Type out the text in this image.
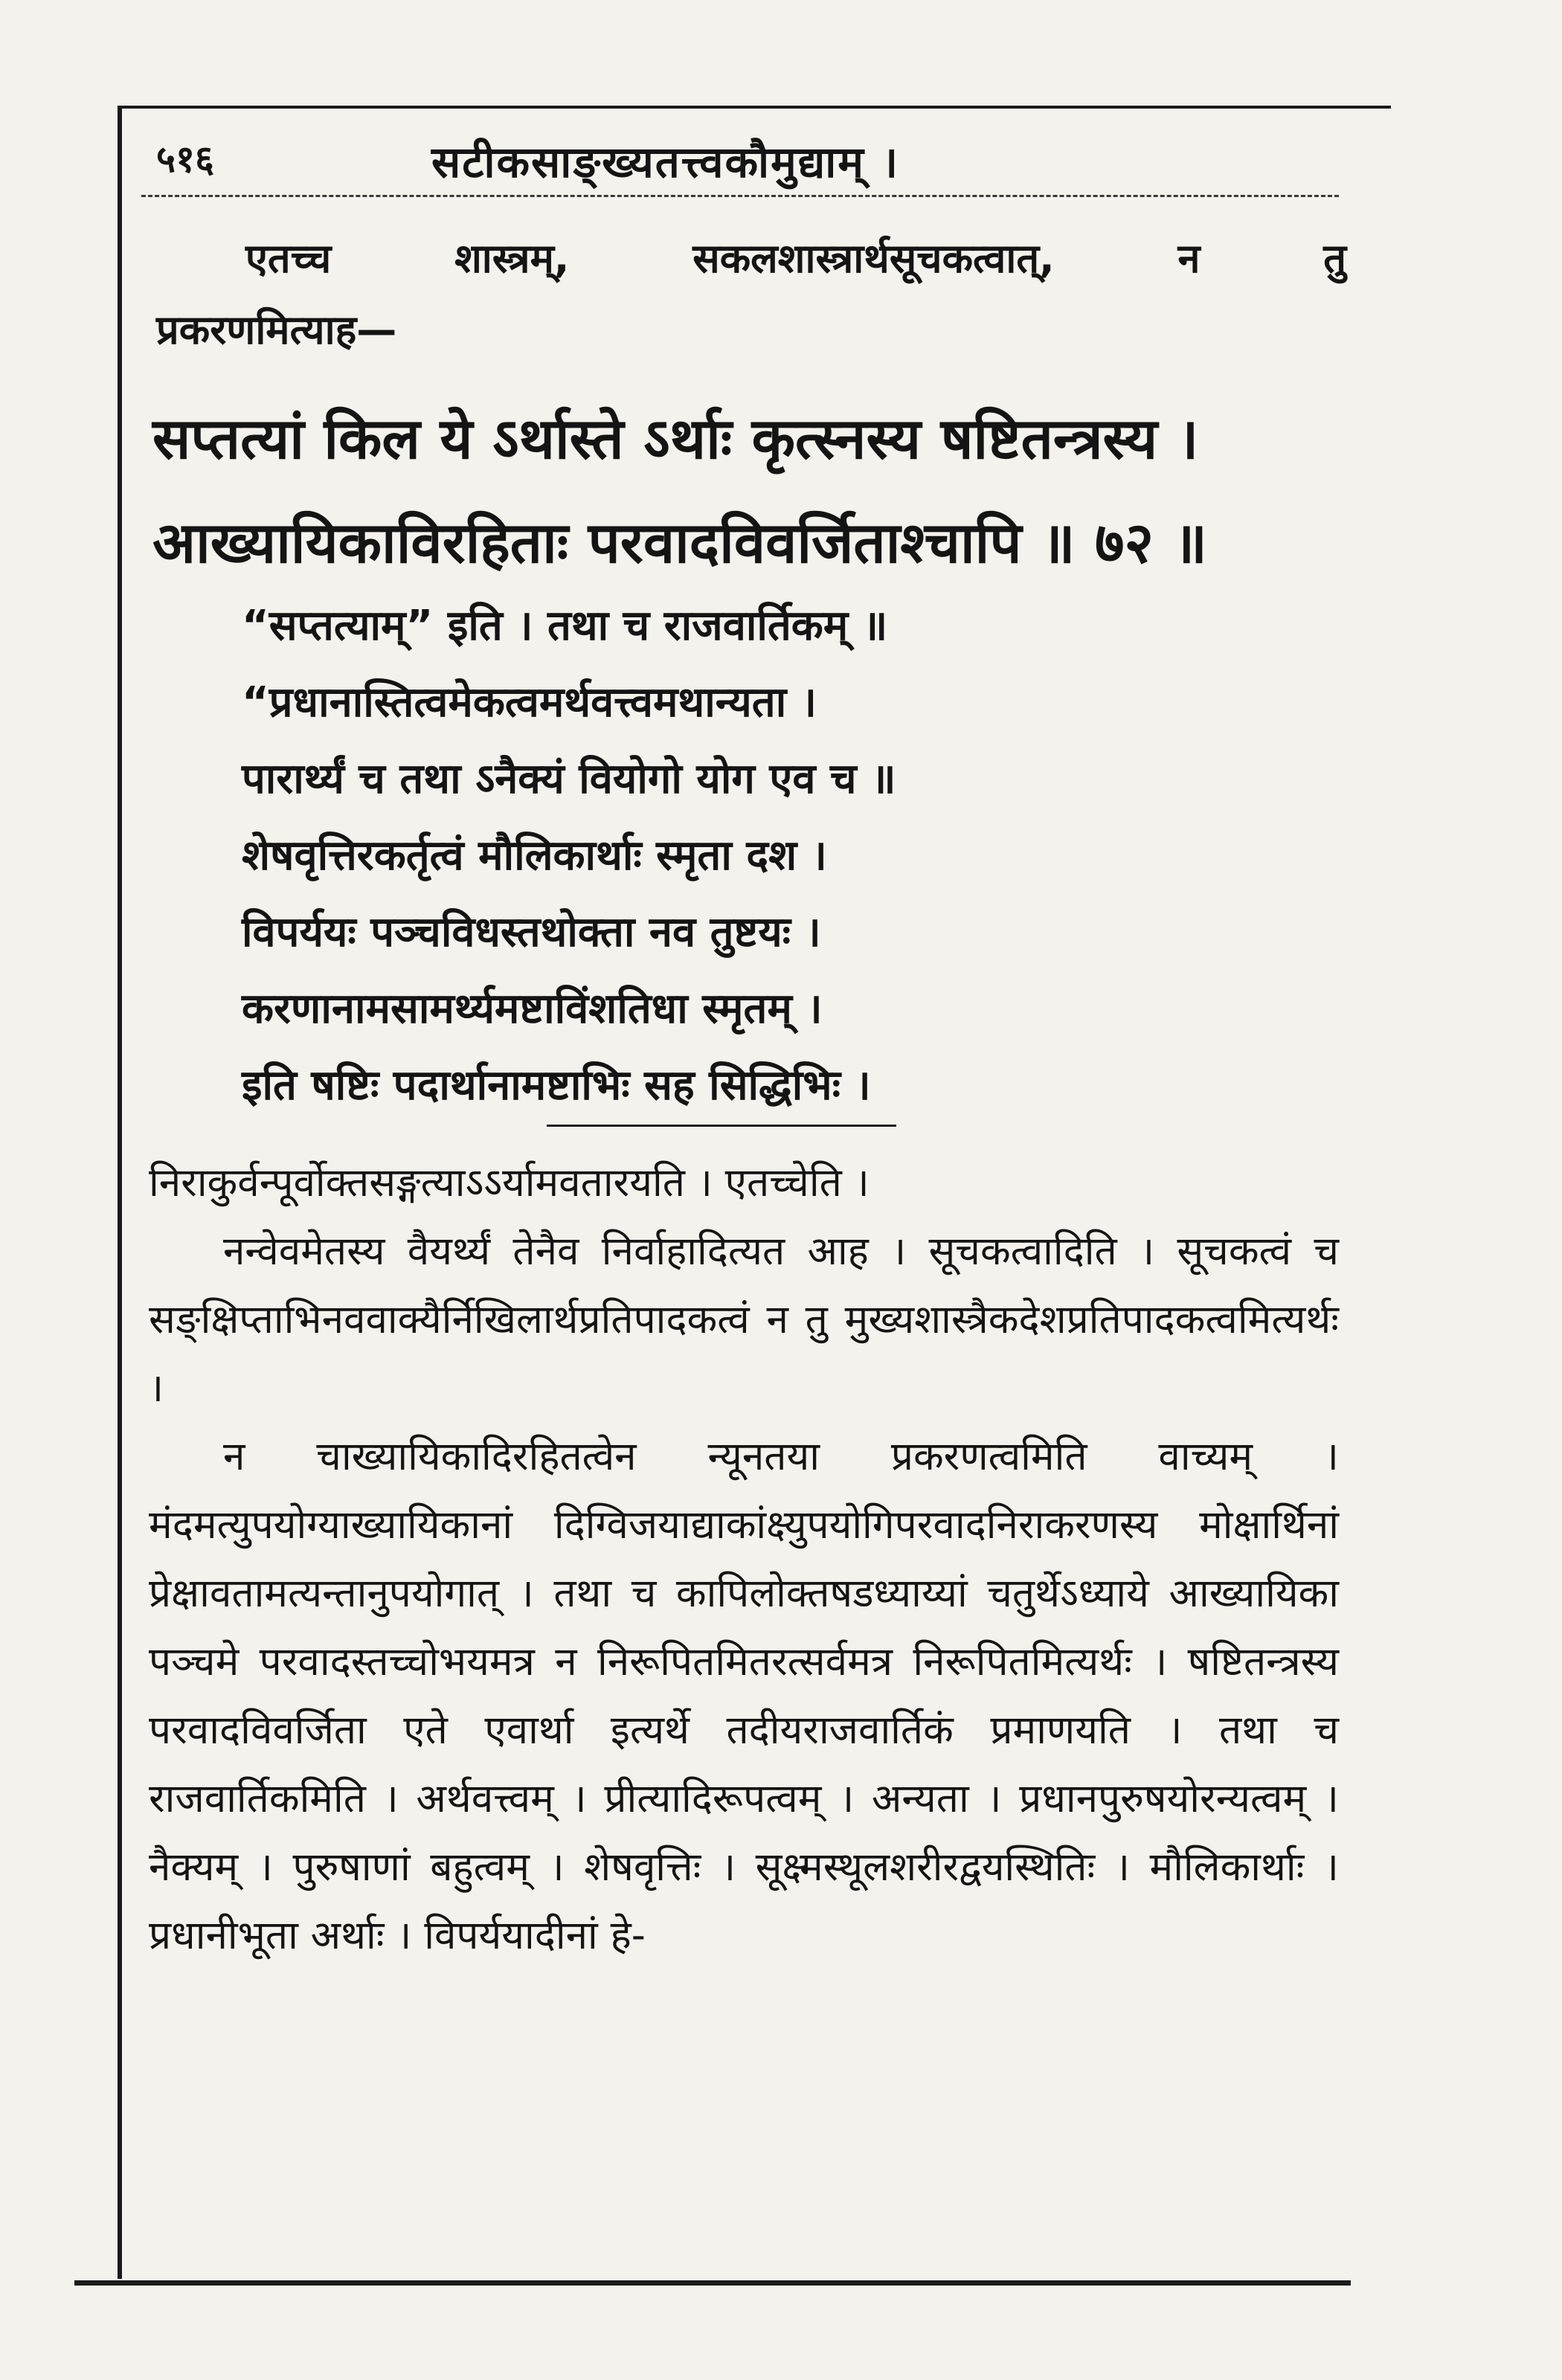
५१६	सटीकसाङ्ख्यतत्त्वकौमुद्याम् ।
एतच्च शास्त्रम्, सकलशास्त्रार्थसूचकत्वात्, न तु
प्रकरणमित्याह—
सप्तत्यां किल ये ऽर्थास्ते ऽर्थाः कृत्स्नस्य षष्टितन्त्रस्य ।
आख्यायिकाविरहिताः परवादविवर्जिताश्चापि ॥ ७२ ॥
“सप्तत्याम्” इति । तथा च राजवार्तिकम् ॥
“प्रधानास्तित्वमेकत्वमर्थवत्त्वमथान्यता ।
पारार्थ्यं च तथा ऽनैक्यं वियोगो योग एव च ॥
शेषवृत्तिरकर्तृत्वं मौलिकार्थाः स्मृता दश ।
विपर्ययः पञ्चविधस्तथोक्ता नव तुष्टयः ।
करणानामसामर्थ्यमष्टाविंशतिधा स्मृतम् ।
इति षष्टिः पदार्थानामष्टाभिः सह सिद्धिभिः ।

निराकुर्वन्पूर्वोक्तसङ्गत्याऽऽर्यामवतारयति । एतच्चेति ।

नन्वेवमेतस्य वैयर्थ्यं तेनैव निर्वाहादित्यत आह । सूचकत्वादिति । सूचकत्वं च सङ्क्षिप्ताभिनववाक्यैर्निखिलार्थप्रतिपादकत्वं न तु मुख्यशास्त्रैकदेशप्रतिपादकत्वमित्यर्थः ।

न चाख्यायिकादिरहितत्वेन न्यूनतया प्रकरणत्वमिति वाच्यम् । मंदमत्युपयोग्याख्यायिकानां दिग्विजयाद्याकांक्ष्युपयोगिपरवादनिराकरणस्य मोक्षार्थिनां प्रेक्षावतामत्यन्तानुपयोगात् । तथा च कापिलोक्तषडध्याय्यां चतुर्थेऽध्याये आख्यायिका पञ्चमे परवादस्तच्चोभयमत्र न निरूपितमितरत्सर्वमत्र निरूपितमित्यर्थः । षष्टितन्त्रस्य परवादविवर्जिता एते एवार्था इत्यर्थे तदीयराजवार्तिकं प्रमाणयति । तथा च राजवार्तिकमिति । अर्थवत्त्वम् । प्रीत्यादिरूपत्वम् । अन्यता । प्रधानपुरुषयोरन्यत्वम् । नैक्यम् । पुरुषाणां बहुत्वम् । शेषवृत्तिः । सूक्ष्मस्थूलशरीरद्वयस्थितिः । मौलिकार्थाः । प्रधानीभूता अर्थाः । विपर्ययादीनां हे-
